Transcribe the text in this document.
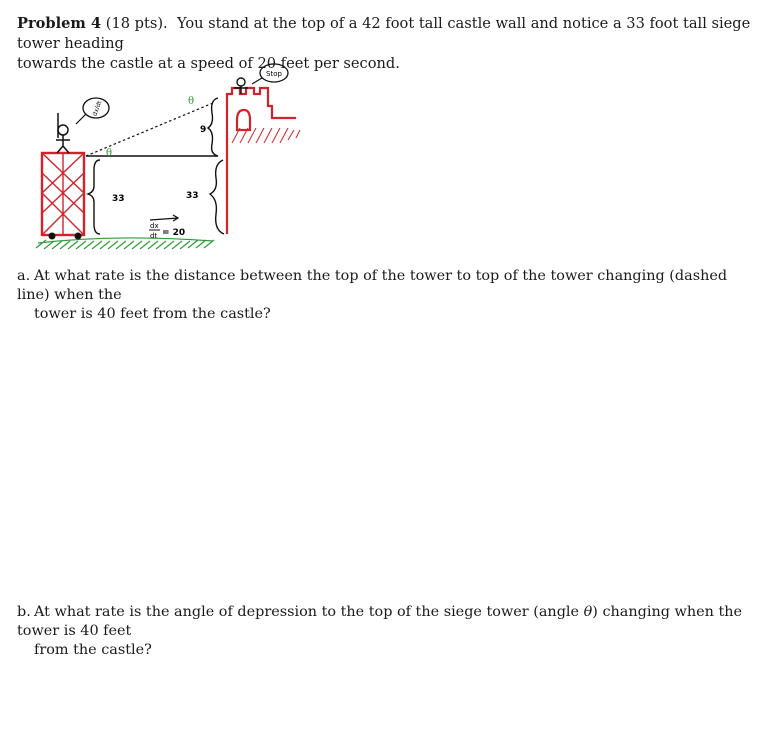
Problem 4 (18 pts). You stand at the top of a 42 foot tall castle wall and notice a 33 foot tall siege tower heading
towards the castle at a speed of 20 feet per second.
dx/dt
33
θ
θ
9
33
Stop
dx
dt = 20
a. At what rate is the distance between the top of the tower to top of the tower changing (dashed line) when the
tower is 40 feet from the castle?
b. At what rate is the angle of depression to the top of the siege tower (angle θ) changing when the tower is 40 feet
from the castle?
